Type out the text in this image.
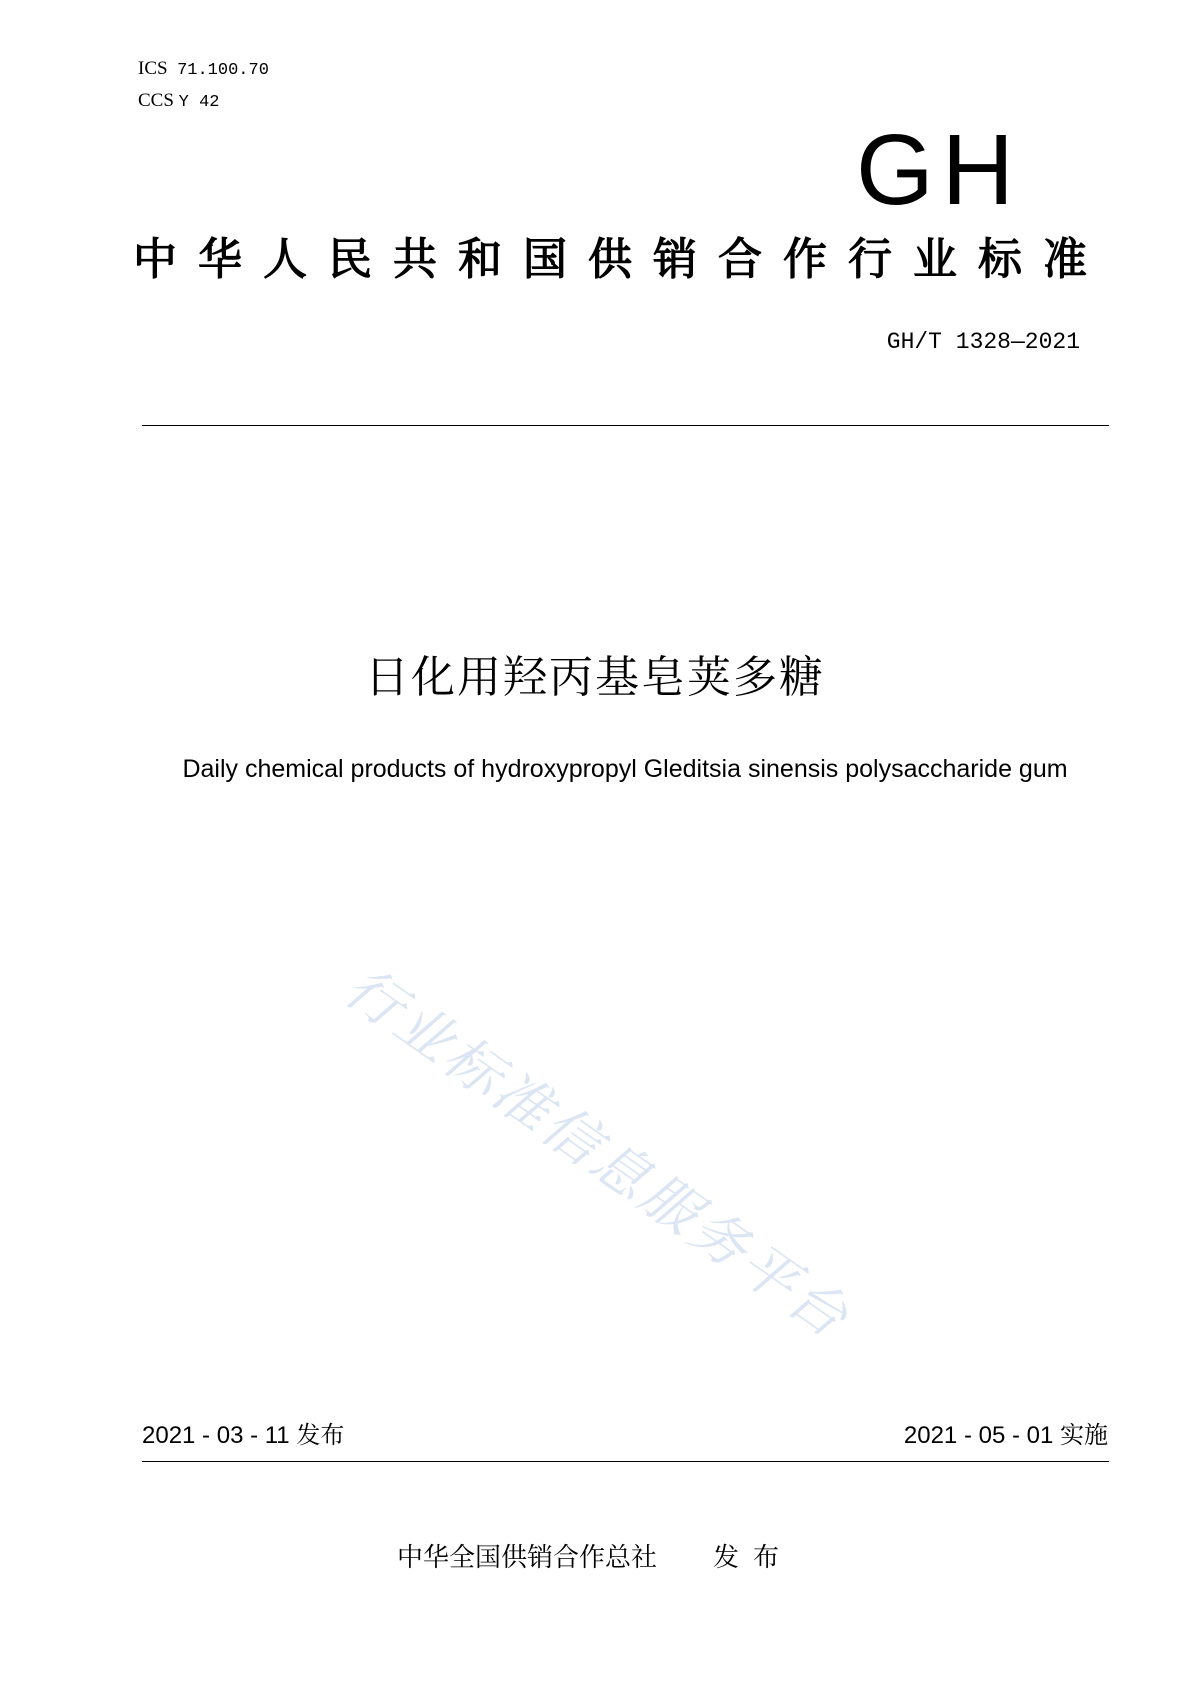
ICS 71.100.70
CCS Y 42
GH
中华人民共和国供销合作行业标准
GH/T 1328—2021
日化用羟丙基皂荚多糖
Daily chemical products of hydroxypropyl Gleditsia sinensis polysaccharide gum
行业标准信息服务平台
2021 - 03 - 11 发布	2021 - 05 - 01 实施
中华全国供销合作总社 发布
